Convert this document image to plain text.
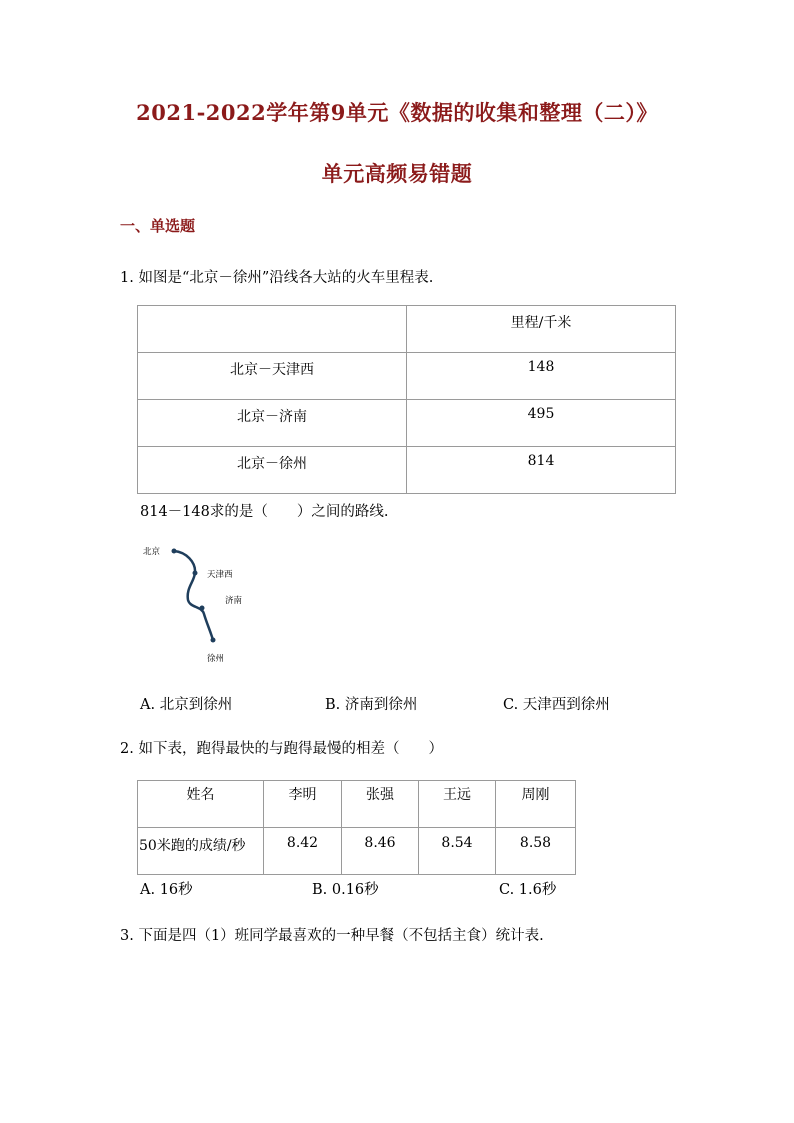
2021-2022学年第9单元《数据的收集和整理（二）》
单元高频易错题
一、单选题
1. 如图是“北京－徐州”沿线各大站的火车里程表.
	里程/千米
北京－天津西	148
北京－济南	495
北京－徐州	814
814－148求的是（　　）之间的路线.
北京
天津西
济南
徐州
A. 北京到徐州	B. 济南到徐州	C. 天津西到徐州
2. 如下表，跑得最快的与跑得最慢的相差（　　）
姓名	李明	张强	王远	周刚
50米跑的成绩/秒	8.42	8.46	8.54	8.58
A. 16秒	B. 0.16秒	C. 1.6秒
3. 下面是四（1）班同学最喜欢的一种早餐（不包括主食）统计表.
